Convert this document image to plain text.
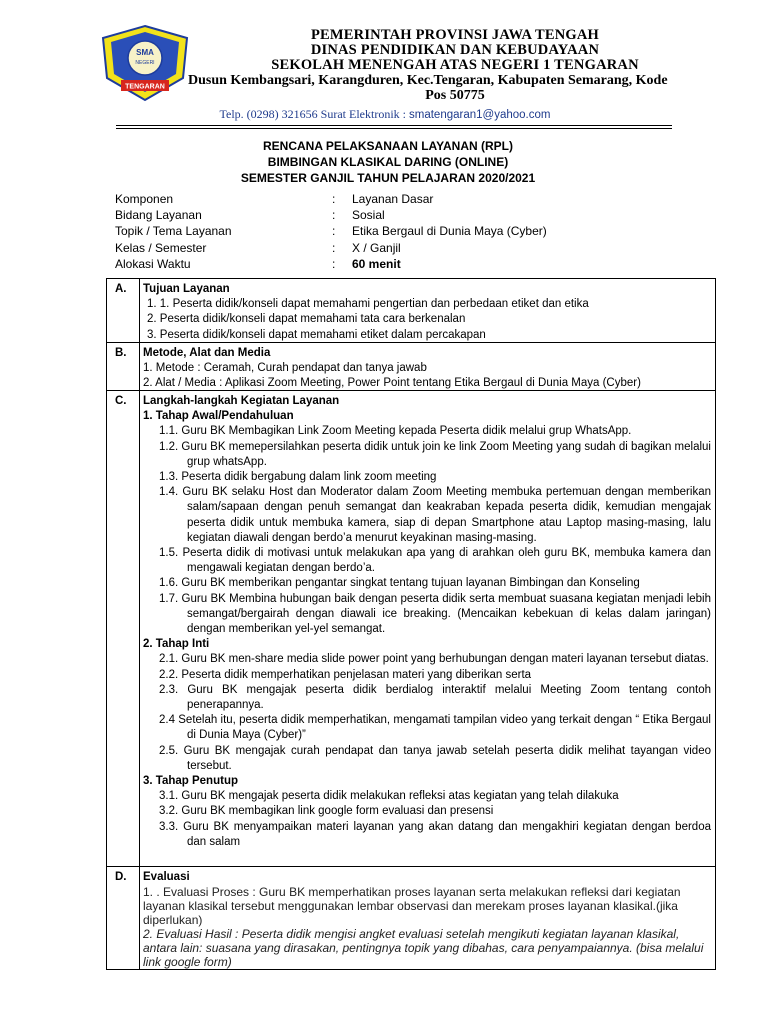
SMA
NEGERI
TENGARAN
PEMERINTAH PROVINSI JAWA TENGAH
DINAS PENDIDIKAN DAN KEBUDAYAAN
SEKOLAH MENENGAH ATAS NEGERI 1 TENGARAN
Dusun Kembangsari, Karangduren, Kec.Tengaran, Kabupaten Semarang, Kode
Pos 50775
Telp. (0298) 321656 Surat Elektronik : smatengaran1@yahoo.com
RENCANA PELAKSANAAN LAYANAN (RPL)
BIMBINGAN KLASIKAL DARING (ONLINE)
SEMESTER GANJIL TAHUN PELAJARAN 2020/2021
Komponen	:	Layanan Dasar
Bidang Layanan	:	Sosial
Topik / Tema Layanan	:	Etika Bergaul di Dunia Maya (Cyber)
Kelas / Semester	:	X / Ganjil
Alokasi Waktu	:	60 menit
A. Tujuan Layanan
1. 1. Peserta didik/konseli dapat memahami pengertian dan perbedaan etiket dan etika
2. Peserta didik/konseli dapat memahami tata cara berkenalan
3. Peserta didik/konseli dapat memahami etiket dalam percakapan
B. Metode, Alat dan Media
1. Metode : Ceramah, Curah pendapat dan tanya jawab
2. Alat / Media : Aplikasi Zoom Meeting, Power Point tentang Etika Bergaul di Dunia Maya (Cyber)
C. Langkah-langkah Kegiatan Layanan
1. Tahap Awal/Pendahuluan
1.1. Guru BK Membagikan Link Zoom Meeting kepada Peserta didik melalui grup WhatsApp.
1.2. Guru BK memepersilahkan peserta didik untuk join ke link Zoom Meeting yang sudah di bagikan melalui grup whatsApp.
1.3. Peserta didik bergabung dalam link zoom meeting
1.4. Guru BK selaku Host dan Moderator dalam Zoom Meeting membuka pertemuan dengan memberikan salam/sapaan dengan penuh semangat dan keakraban kepada peserta didik, kemudian mengajak peserta didik untuk membuka kamera, siap di depan Smartphone atau Laptop masing-masing, lalu kegiatan diawali dengan berdo’a menurut keyakinan masing-masing.
1.5. Peserta didik di motivasi untuk melakukan apa yang di arahkan oleh guru BK, membuka kamera dan mengawali kegiatan dengan berdo’a.
1.6. Guru BK memberikan pengantar singkat tentang tujuan layanan Bimbingan dan Konseling
1.7. Guru BK Membina hubungan baik dengan peserta didik serta membuat suasana kegiatan menjadi lebih semangat/bergairah dengan diawali ice breaking. (Mencaikan kebekuan di kelas dalam jaringan) dengan memberikan yel-yel semangat.
2. Tahap Inti
2.1. Guru BK men-share media slide power point yang berhubungan dengan materi layanan tersebut diatas.
2.2. Peserta didik memperhatikan penjelasan materi yang diberikan serta
2.3. Guru BK mengajak peserta didik berdialog interaktif melalui Meeting Zoom tentang contoh penerapannya.
2.4 Setelah itu, peserta didik memperhatikan, mengamati tampilan video yang terkait dengan “ Etika Bergaul di Dunia Maya (Cyber)”
2.5. Guru BK mengajak curah pendapat dan tanya jawab setelah peserta didik melihat tayangan video tersebut.
3. Tahap Penutup
3.1. Guru BK mengajak peserta didik melakukan refleksi atas kegiatan yang telah dilakuka
3.2. Guru BK membagikan link google form evaluasi dan presensi
3.3. Guru BK menyampaikan materi layanan yang akan datang dan mengakhiri kegiatan dengan berdoa dan salam
D. Evaluasi
1. . Evaluasi Proses : Guru BK memperhatikan proses layanan serta melakukan refleksi dari kegiatan layanan klasikal tersebut menggunakan lembar observasi dan merekam proses layanan klasikal.(jika diperlukan)
2. Evaluasi Hasil : Peserta didik mengisi angket evaluasi setelah mengikuti kegiatan layanan klasikal, antara lain: suasana yang dirasakan, pentingnya topik yang dibahas, cara penyampaiannya. (bisa melalui link google form)
